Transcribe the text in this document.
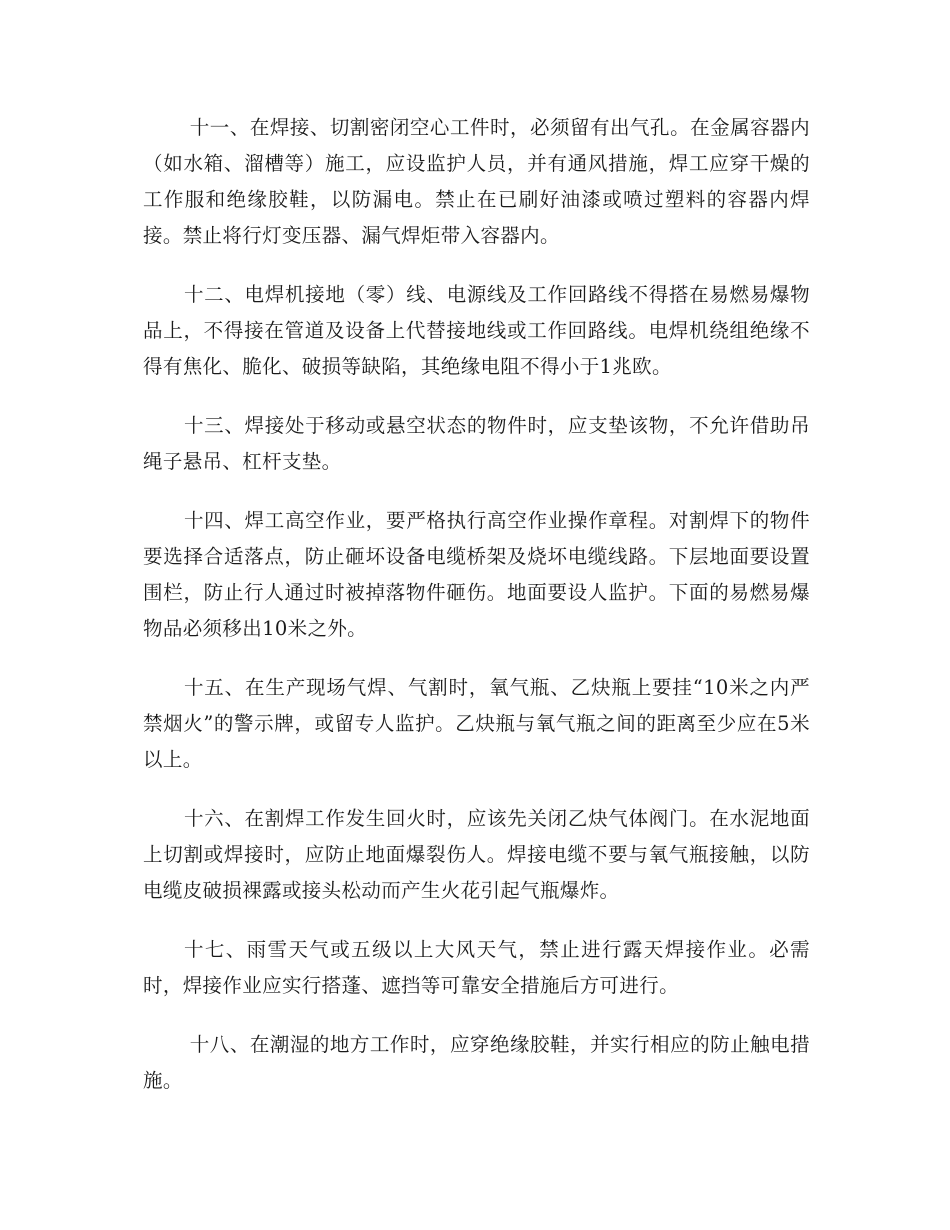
十一、在焊接、切割密闭空心工件时，必须留有出气孔。在金属容器内（如水箱、溜槽等）施工，应设监护人员，并有通风措施，焊工应穿干燥的工作服和绝缘胶鞋，以防漏电。禁止在已刷好油漆或喷过塑料的容器内焊接。禁止将行灯变压器、漏气焊炬带入容器内。

十二、电焊机接地（零）线、电源线及工作回路线不得搭在易燃易爆物品上，不得接在管道及设备上代替接地线或工作回路线。电焊机绕组绝缘不得有焦化、脆化、破损等缺陷，其绝缘电阻不得小于1兆欧。

十三、焊接处于移动或悬空状态的物件时，应支垫该物，不允许借助吊绳子悬吊、杠杆支垫。

十四、焊工高空作业，要严格执行高空作业操作章程。对割焊下的物件要选择合适落点，防止砸坏设备电缆桥架及烧坏电缆线路。下层地面要设置围栏，防止行人通过时被掉落物件砸伤。地面要设人监护。下面的易燃易爆物品必须移出10米之外。

十五、在生产现场气焊、气割时，氧气瓶、乙炔瓶上要挂“10米之内严禁烟火”的警示牌，或留专人监护。乙炔瓶与氧气瓶之间的距离至少应在5米以上。

十六、在割焊工作发生回火时，应该先关闭乙炔气体阀门。在水泥地面上切割或焊接时，应防止地面爆裂伤人。焊接电缆不要与氧气瓶接触，以防电缆皮破损裸露或接头松动而产生火花引起气瓶爆炸。

十七、雨雪天气或五级以上大风天气，禁止进行露天焊接作业。必需时，焊接作业应实行搭蓬、遮挡等可靠安全措施后方可进行。

十八、在潮湿的地方工作时，应穿绝缘胶鞋，并实行相应的防止触电措施。
